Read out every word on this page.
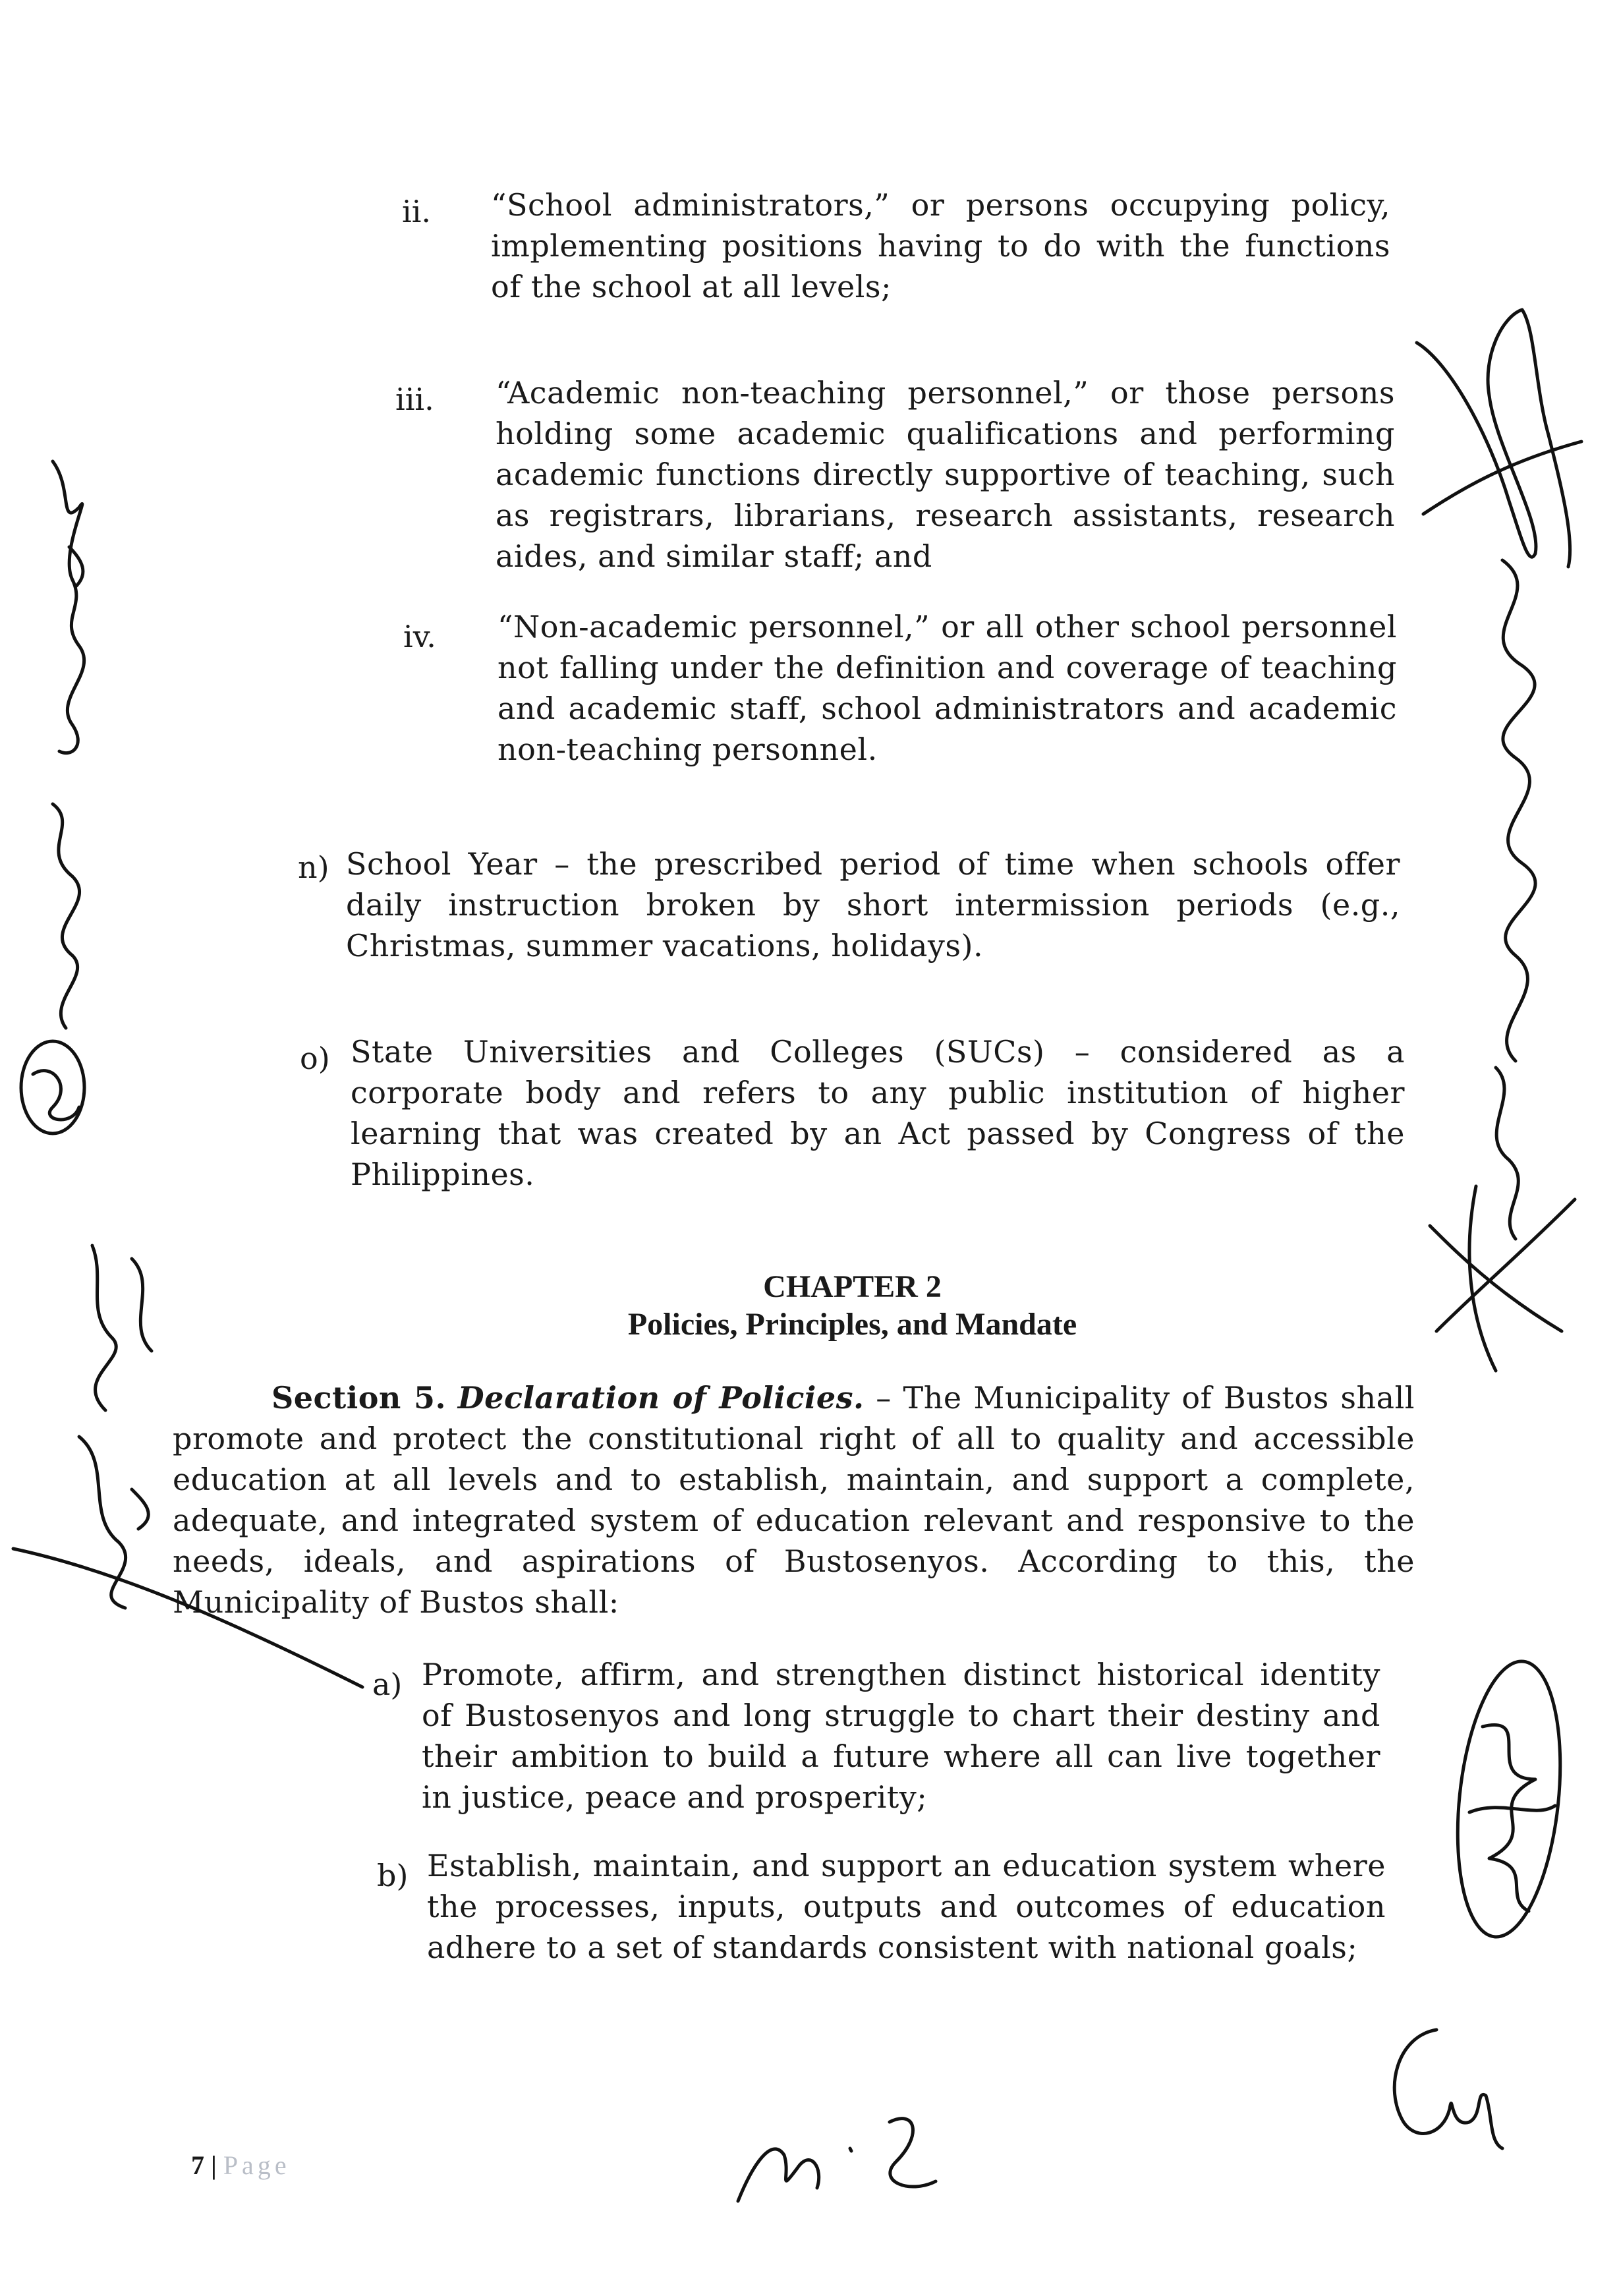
ii. “School administrators,” or persons occupying policy, implementing positions having to do with the functions of the school at all levels;
iii. “Academic non-teaching personnel,” or those persons holding some academic qualifications and performing academic functions directly supportive of teaching, such as registrars, librarians, research assistants, research aides, and similar staff; and
iv. “Non-academic personnel,” or all other school personnel not falling under the definition and coverage of teaching and academic staff, school administrators and academic non-teaching personnel.
n) School Year – the prescribed period of time when schools offer daily instruction broken by short intermission periods (e.g., Christmas, summer vacations, holidays).
o) State Universities and Colleges (SUCs) – considered as a corporate body and refers to any public institution of higher learning that was created by an Act passed by Congress of the Philippines.
CHAPTER 2
Policies, Principles, and Mandate
Section 5. Declaration of Policies. – The Municipality of Bustos shall promote and protect the constitutional right of all to quality and accessible education at all levels and to establish, maintain, and support a complete, adequate, and integrated system of education relevant and responsive to the needs, ideals, and aspirations of Bustosenyos. According to this, the Municipality of Bustos shall:
a) Promote, affirm, and strengthen distinct historical identity of Bustosenyos and long struggle to chart their destiny and their ambition to build a future where all can live together in justice, peace and prosperity;
b) Establish, maintain, and support an education system where the processes, inputs, outputs and outcomes of education adhere to a set of standards consistent with national goals;
7 | Page
